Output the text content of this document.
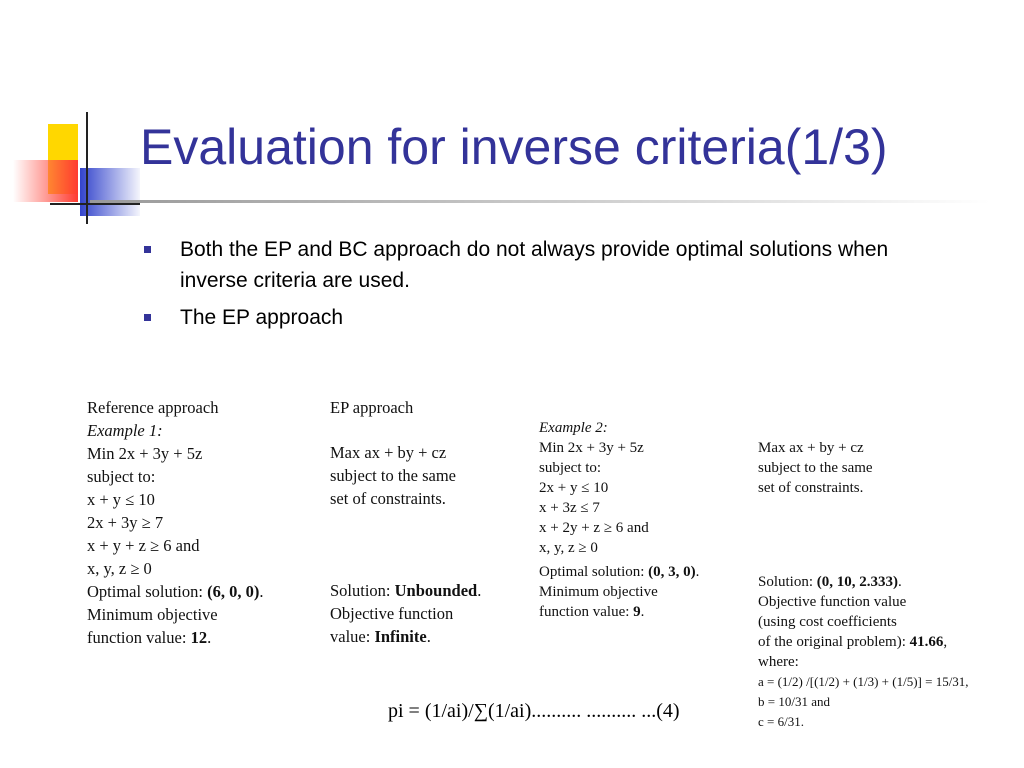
Evaluation for inverse criteria(1/3)
Both the EP and BC approach do not always provide optimal solutions when inverse criteria are used.
The EP approach
Reference approach
Example 1:
Min 2x + 3y + 5z
subject to:
x + y ≤ 10
2x + 3y ≥ 7
x + y + z ≥ 6 and
x, y, z ≥ 0
Optimal solution: (6, 0, 0).
Minimum objective
function value: 12.
EP approach
Max ax + by + cz
subject to the same
set of constraints.
Solution: Unbounded.
Objective function
value: Infinite.
Example 2:
Min 2x + 3y + 5z
subject to:
2x + y ≤ 10
x + 3z ≤ 7
x + 2y + z ≥ 6 and
x, y, z ≥ 0
Optimal solution: (0, 3, 0).
Minimum objective
function value: 9.
Max ax + by + cz
subject to the same
set of constraints.
Solution: (0, 10, 2.333).
Objective function value
(using cost coefficients
of the original problem): 41.66,
where:
a = (1/2) /[(1/2) + (1/3) + (1/5)] = 15/31,
b = 10/31 and
c = 6/31.
pi = (1/ai)/∑(1/ai).......... .......... ...(4)
